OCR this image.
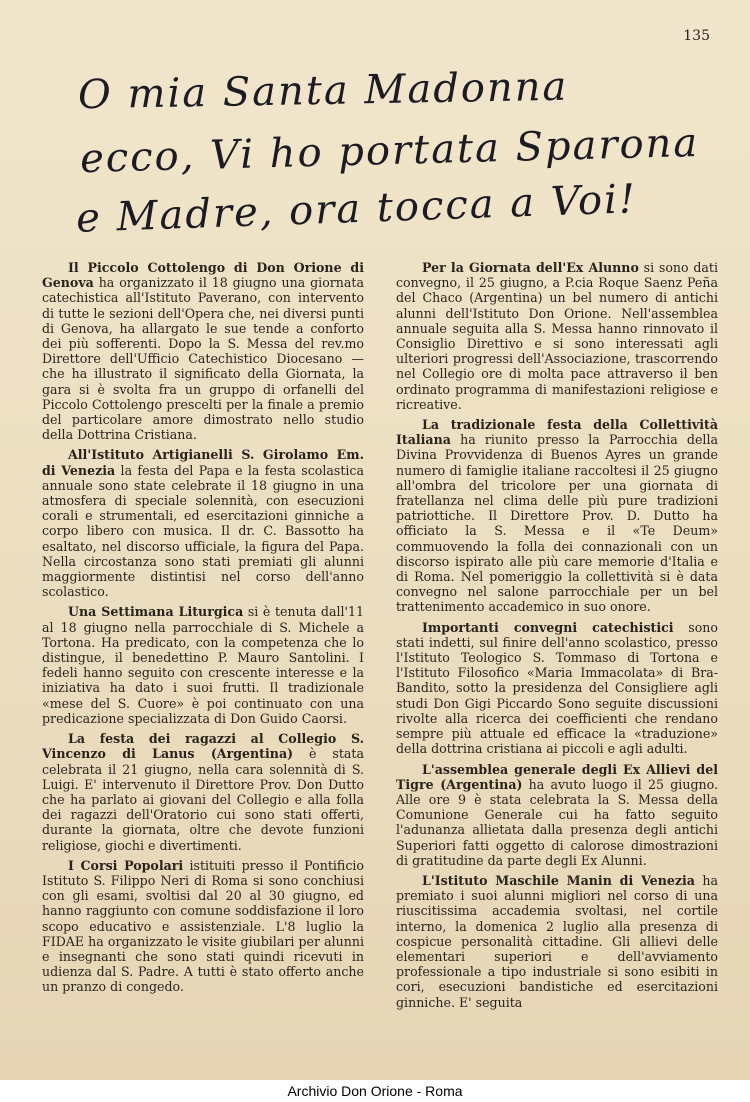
135
O mia Santa Madonna
ecco, Vi ho portata Sparona
e Madre, ora tocca a Voi!

Il Piccolo Cottolengo di Don Orione di Genova ha organizzato il 18 giugno una giornata catechistica all'Istituto Paverano, con intervento di tutte le sezioni dell'Opera che, nei diversi punti di Genova, ha allargato le sue tende a conforto dei più sofferenti. Dopo la S. Messa del rev.mo Direttore dell'Ufficio Catechistico Diocesano — che ha illustrato il significato della Giornata, la gara si è svolta fra un gruppo di orfanelli del Piccolo Cottolengo prescelti per la finale a premio del particolare amore dimostrato nello studio della Dottrina Cristiana.

All'Istituto Artigianelli S. Girolamo Em. di Venezia la festa del Papa e la festa scolastica annuale sono state celebrate il 18 giugno in una atmosfera di speciale solennità, con esecuzioni corali e strumentali, ed esercitazioni ginniche a corpo libero con musica. Il dr. C. Bassotto ha esaltato, nel discorso ufficiale, la figura del Papa. Nella circostanza sono stati premiati gli alunni maggiormente distintisi nel corso dell'anno scolastico.

Una Settimana Liturgica si è tenuta dall'11 al 18 giugno nella parrocchiale di S. Michele a Tortona. Ha predicato, con la competenza che lo distingue, il benedettino P. Mauro Santolini. I fedeli hanno seguito con crescente interesse e la iniziativa ha dato i suoi frutti. Il tradizionale «mese del S. Cuore» è poi continuato con una predicazione specializzata di Don Guido Caorsi.

La festa dei ragazzi al Collegio S. Vincenzo di Lanus (Argentina) è stata celebrata il 21 giugno, nella cara solennità di S. Luigi. E' intervenuto il Direttore Prov. Don Dutto che ha parlato ai giovani del Collegio e alla folla dei ragazzi dell'Oratorio cui sono stati offerti, durante la giornata, oltre che devote funzioni religiose, giochi e divertimenti.

I Corsi Popolari istituiti presso il Pontificio Istituto S. Filippo Neri di Roma si sono conchiusi con gli esami, svoltisi dal 20 al 30 giugno, ed hanno raggiunto con comune soddisfazione il loro scopo educativo e assistenziale. L'8 luglio la FIDAE ha organizzato le visite giubilari per alunni e insegnanti che sono stati quindi ricevuti in udienza dal S. Padre. A tutti è stato offerto anche un pranzo di congedo.

Per la Giornata dell'Ex Alunno si sono dati convegno, il 25 giugno, a P.cia Roque Saenz Peña del Chaco (Argentina) un bel numero di antichi alunni dell'Istituto Don Orione. Nell'assemblea annuale seguita alla S. Messa hanno rinnovato il Consiglio Direttivo e si sono interessati agli ulteriori progressi dell'Associazione, trascorrendo nel Collegio ore di molta pace attraverso il ben ordinato programma di manifestazioni religiose e ricreative.

La tradizionale festa della Collettività Italiana ha riunito presso la Parrocchia della Divina Provvidenza di Buenos Ayres un grande numero di famiglie italiane raccoltesi il 25 giugno all'ombra del tricolore per una giornata di fratellanza nel clima delle più pure tradizioni patriottiche. Il Direttore Prov. D. Dutto ha officiato la S. Messa e il «Te Deum» commuovendo la folla dei connazionali con un discorso ispirato alle più care memorie d'Italia e di Roma. Nel pomeriggio la collettività si è data convegno nel salone parrocchiale per un bel trattenimento accademico in suo onore.

Importanti convegni catechistici sono stati indetti, sul finire dell'anno scolastico, presso l'Istituto Teologico S. Tommaso di Tortona e l'Istituto Filosofico «Maria Immacolata» di Bra-Bandito, sotto la presidenza del Consigliere agli studi Don Gigi Piccardo Sono seguite discussioni rivolte alla ricerca dei coefficienti che rendano sempre più attuale ed efficace la «traduzione» della dottrina cristiana ai piccoli e agli adulti.

L'assemblea generale degli Ex Allievi del Tigre (Argentina) ha avuto luogo il 25 giugno. Alle ore 9 è stata celebrata la S. Messa della Comunione Generale cui ha fatto seguito l'adunanza allietata dalla presenza degli antichi Superiori fatti oggetto di calorose dimostrazioni di gratitudine da parte degli Ex Alunni.

L'Istituto Maschile Manin di Venezia ha premiato i suoi alunni migliori nel corso di una riuscitissima accademia svoltasi, nel cortile interno, la domenica 2 luglio alla presenza di cospicue personalità cittadine. Gli allievi delle elementari superiori e dell'avviamento professionale a tipo industriale si sono esibiti in cori, esecuzioni bandistiche ed esercitazioni ginniche. E' seguita

Archivio Don Orione - Roma
